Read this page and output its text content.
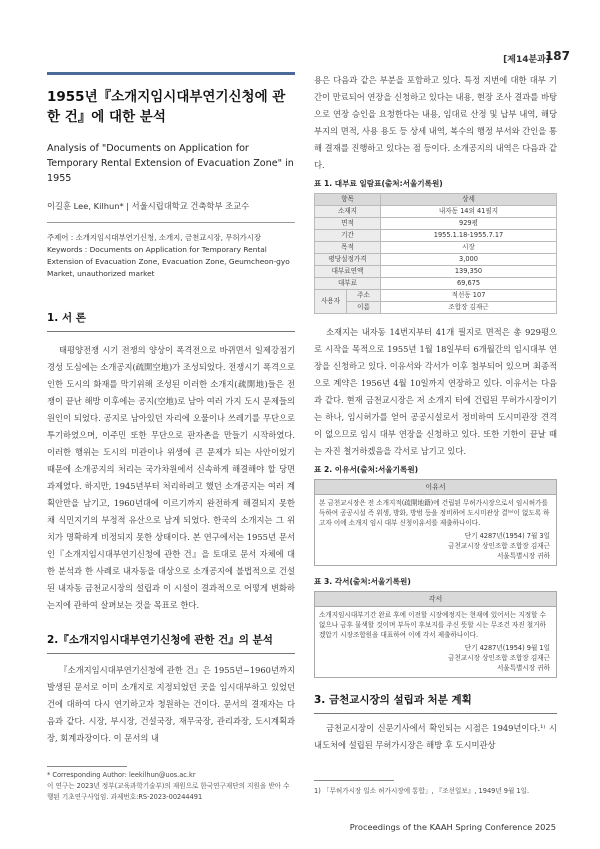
[제14분과]
187
1955년『소개지임시대부연기신청에 관한 건』에 대한 분석
Analysis of "Documents on Application for Temporary Rental Extension of Evacuation Zone" in 1955
이길훈 Lee, Kilhun* | 서울시립대학교 건축학부 조교수

주제어 : 소개지임시대부연기신청, 소개지, 금천교시장, 무허가시장

Keywords : Documents on Application for Temporary Rental Extension of Evacuation Zone, Evacuation Zone, Geumcheon-gyo Market, unauthorized market

1. 서 론
태평양전쟁 시기 전쟁의 양상이 폭격전으로 바뀌면서 일제강점기 경성 도심에는 소개공지(疏開空地)가 조성되었다. 전쟁시기 폭격으로 인한 도시의 화재를 막기위해 조성된 이러한 소개지(疏開地)들은 전쟁이 끝난 해방 이후에는 공지(空地)로 남아 여러 가지 도시 문제들의 원인이 되었다. 공지로 남아있던 자리에 오물이나 쓰레기를 무단으로 투기하였으며, 이주민 또한 무단으로 판자촌을 만들기 시작하였다. 이러한 행위는 도시의 미관이나 위생에 큰 문제가 되는 사안이었기 때문에 소개공지의 처리는 국가차원에서 신속하게 해결해야 할 당면과제였다. 하지만, 1945년부터 처리하려고 했던 소개공지는 여러 계획안만을 남기고, 1960년대에 이르기까지 완전하게 해결되지 못한 채 식민지기의 부정적 유산으로 남게 되었다. 한국의 소개지는 그 위치가 명확하게 비정되지 못한 상태이다. 본 연구에서는 1955년 문서인『소개지임시대부연기신청에 관한 건』을 토대로 문서 자체에 대한 분석과 한 사례로 내자동을 대상으로 소개공지에 불법적으로 건설된 내자동 금천교시장의 설립과 이 시설이 결과적으로 어떻게 변화하는지에 관하여 살펴보는 것을 목표로 한다.
2.『소개지임시대부연기신청에 관한 건』의 분석
『소개지임시대부연기신청에 관한 건』은 1955년~1960년까지 발생된 문서로 이미 소개지로 지정되었던 곳을 임시대부하고 있었던 건에 대하여 다시 연기하고자 청원하는 건이다. 문서의 결재자는 다음과 같다. 시장, 부시장, 건설국장, 재무국장, 관리과장, 도시계획과장, 회계과장이다. 이 문서의 내
* Corresponding Author: leekilhun@uos.ac.kr
이 연구는 2023년 정부(교육과학기술부)의 재원으로 한국연구재단의 지원을 받아 수행된 기초연구사업임. 과제번호:RS-2023-00244491
용은 다음과 같은 부분을 포함하고 있다. 특정 지번에 대한 대부 기간이 만료되어 연장을 신청하고 있다는 내용, 현장 조사 결과를 바탕으로 연장 승인을 요청한다는 내용, 임대료 산정 및 납부 내역, 해당 부지의 면적, 사용 용도 등 상세 내역, 복수의 행정 부서와 간인을 통해 결재를 진행하고 있다는 점 등이다. 소개공지의 내역은 다음과 같다.
표 1. 대부료 일람표(출처:서울기록원)
항목		상세
소재지		내자동 14외 41필지
면적		929평
기간		1955.1.18-1955.7.17
목적		시장
평당설정가격		3,000
대부료연액		139,350
대부료		69,675
사용자	주소	적선동 107
	이름	조합장 김재근
소재지는 내자동 14번지부터 41개 필지로 면적은 총 929평으로 시작을 목적으로 1955년 1월 18일부터 6개월간의 임시대부 연장을 신청하고 있다. 이유서와 각서가 이후 첨부되어 있으며 최종적으로 계약은 1956년 4월 10일까지 연장하고 있다. 이유서는 다음과 같다. 현재 금천교시장은 저 소개지 터에 건립된 무허가시장이기는 하나, 임시허가를 얻어 공공시설로서 정비하여 도시미관장 견격이 없으므로 임시 대부 연장을 신청하고 있다. 또한 기한이 끝날 때는 자진 철거하겠음을 각서로 남기고 있다.
표 2. 이유서(출처:서울기록원)
이유서
본 금천교시장은 전 소개지적(疏開地籍)에 건립된 무허가시장으로서 임시허가를 득하여 공공시설 즉 위생, 방화, 방범 등을 정비하여 도시미관상 결⁽ᵃ⁾이 없도록 하고자 이에 소개지 임시 대부 신청이유서를 제출하나이다.
단기 4287년(1954) 7월 3일
금천교시장 상인조합 조합장 김재근
서울특별시장 귀하
표 3. 각서(출처:서울기록원)
각서
소개지임시대부기간 완료 후에 이전할 시장예정지는 현재에 있어서는 지정할 수 없으나 금후 물색할 것이며 부득이 후보지를 주신 뜻할 시는 무조건 자진 철거하겠압기 시장조합원을 대표하여 이에 각서 제출하나이다.
단기 4287년(1954) 9월 1일
금천교시장 상인조합 조합장 김재근
서울특별시장 귀하
3. 금천교시장의 설립과 처분 계획
금천교시장이 신문기사에서 확인되는 시점은 1949년이다.¹⁾ 시내도처에 설립된 무허가시장은 해방 후 도시미관상
1) 「무허가시장 일소 허가시장에 통합」, 『조선일보』, 1949년 9월 1일.
Proceedings of the KAAH Spring Conference 2025
